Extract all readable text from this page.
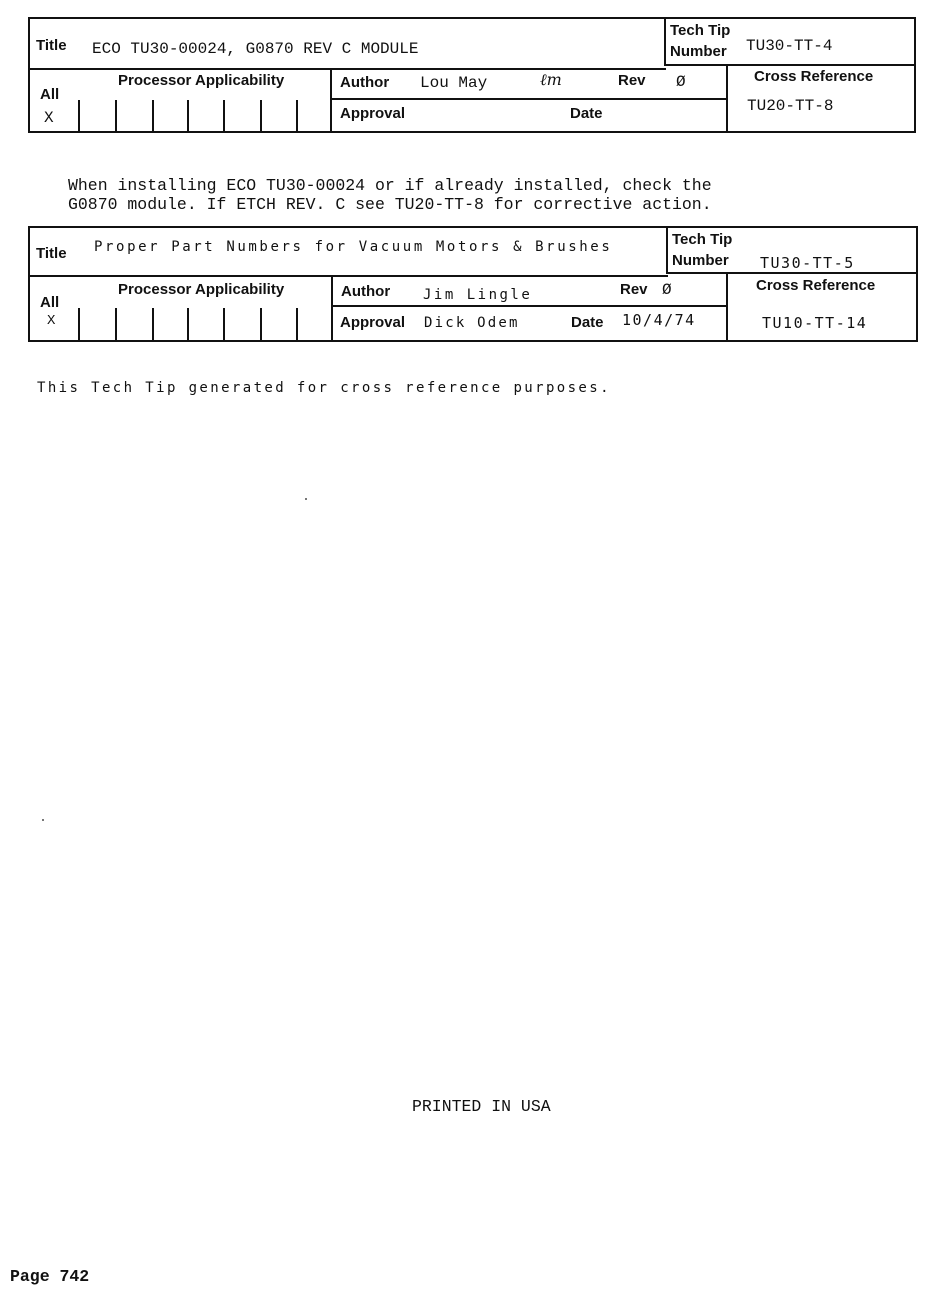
Title ECO TU30-00024, G0870 REV C MODULE
Tech Tip
Number TU30-TT-4
Processor Applicability
All
X
Author Lou May	ℓm	Rev Ø
Approval	Date
Cross Reference
TU20-TT-8
When installing ECO TU30-00024 or if already installed, check the
G0870 module. If ETCH REV. C see TU20-TT-8 for corrective action.
Title Proper Part Numbers for Vacuum Motors & Brushes	Tech Tip
Number TU30-TT-5
Processor Applicability
All
X
Author Jim Lingle	Rev Ø
Approval Dick Odem	Date 10/4/74
Cross Reference
TU10-TT-14
This Tech Tip generated for cross reference purposes.
PRINTED IN USA
Page 742
